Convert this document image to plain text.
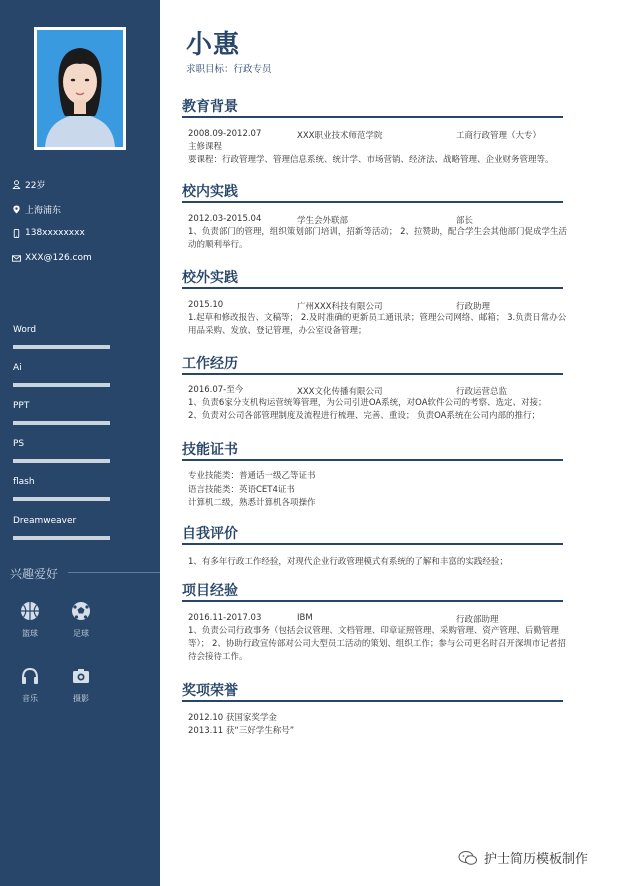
22岁
上海浦东
138xxxxxxxx
XXX@126.com
Word
Ai
PPT
PS
flash
Dreamweaver
兴趣爱好
篮球	足球
音乐	摄影
小惠
求职目标：行政专员
教育背景
2008.09-2012.07	XXX职业技术师范学院	工商行政管理（大专）
主修课程
要课程：行政管理学、管理信息系统、统计学、市场营销、经济法、战略管理、企业财务管理等。
校内实践
2012.03-2015.04	学生会外联部	部长
1、负责部门的管理，组织策划部门培训，招新等活动； 2、拉赞助，配合学生会其他部门促成学生活动的顺利举行。
校外实践
2015.10	广州XXX科技有限公司	行政助理
1.起草和修改报告、文稿等； 2.及时准确的更新员工通讯录；管理公司网络、邮箱； 3.负责日常办公用品采购、发放、登记管理，办公室设备管理；
工作经历
2016.07-至今	XXX文化传播有限公司	行政运营总监
1、负责6家分支机构运营统筹管理，为公司引进OA系统，对OA软件公司的考察、选定、对接；
2、负责对公司各部管理制度及流程进行梳理、完善、重设； 负责OA系统在公司内部的推行；
技能证书
专业技能类：普通话一级乙等证书
语言技能类：英语CET4证书
计算机二级，熟悉计算机各项操作
自我评价
1、有多年行政工作经验，对现代企业行政管理模式有系统的了解和丰富的实践经验；
项目经验
2016.11-2017.03	IBM	行政部助理
1、负责公司行政事务（包括会议管理、文档管理、印章证照管理、采购管理、资产管理、后勤管理等）； 2、协助行政宣传部对公司大型员工活动的策划、组织工作；参与公司更名时召开深圳市记者招待会接待工作。
奖项荣誉
2012.10 获国家奖学金
2013.11 获“三好学生称号”
护士简历模板制作
